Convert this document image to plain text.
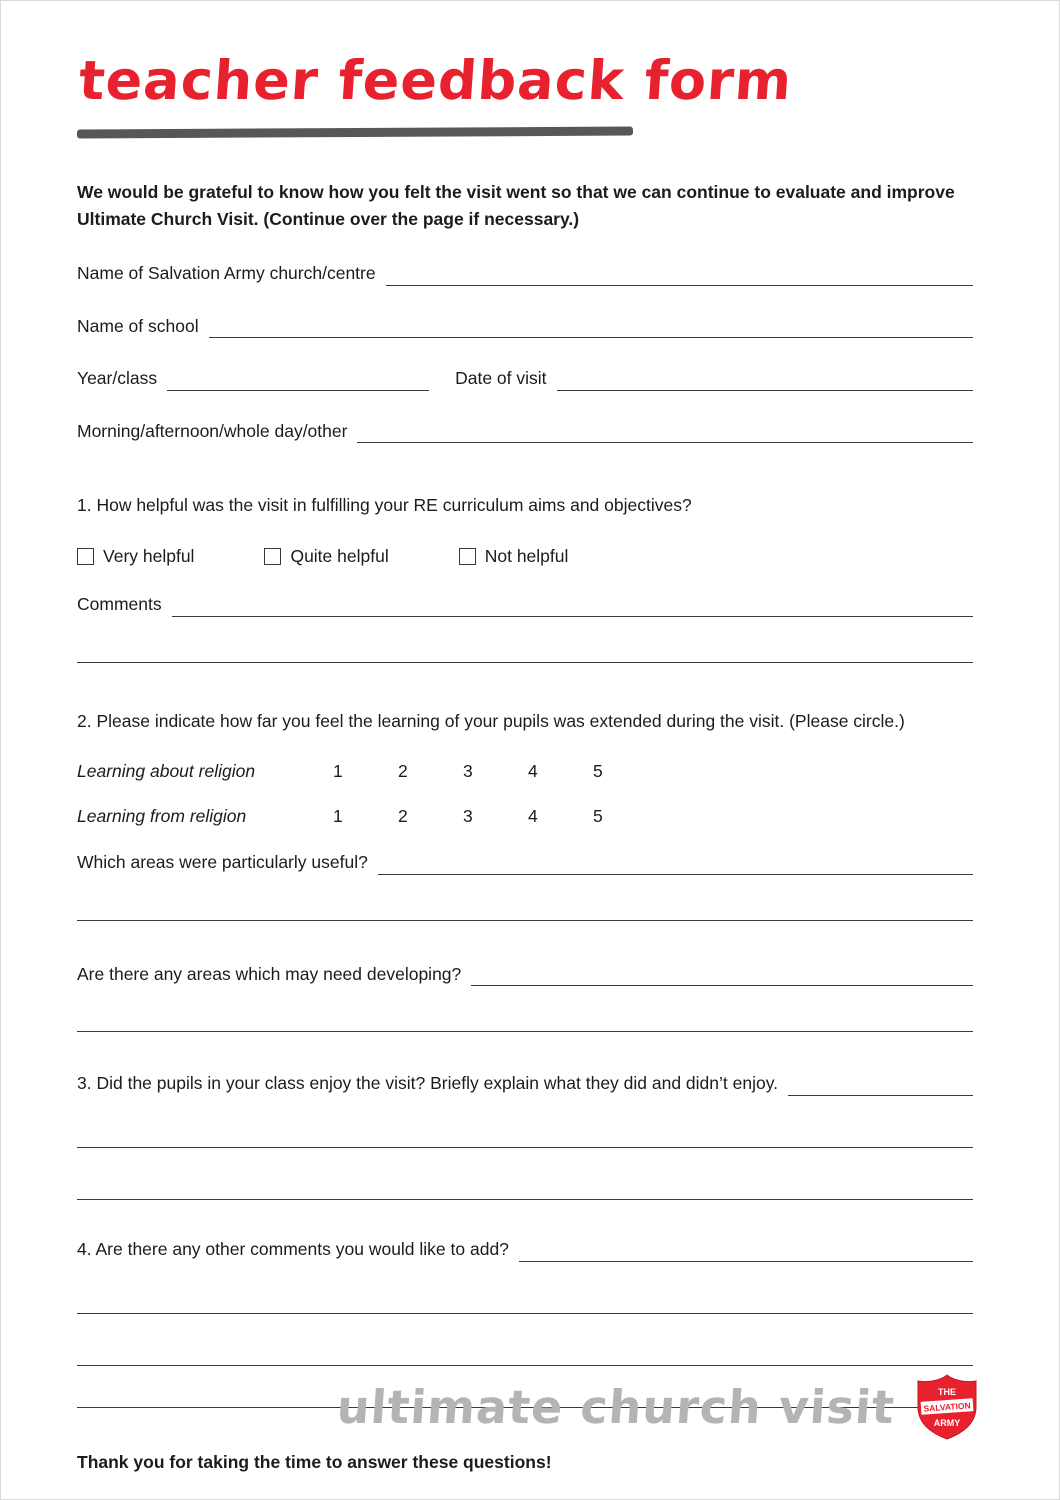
teacher feedback form

We would be grateful to know how you felt the visit went so that we can continue to evaluate and improve Ultimate Church Visit. (Continue over the page if necessary.)

Name of Salvation Army church/centre
Name of school
Year/class	Date of visit
Morning/afternoon/whole day/other

1. How helpful was the visit in fulfilling your RE curriculum aims and objectives?

Very helpful	Quite helpful	Not helpful
Comments

2. Please indicate how far you feel the learning of your pupils was extended during the visit. (Please circle.)

Learning about religion	1	2	3	4	5
Learning from religion	1	2	3	4	5
Which areas were particularly useful?
Are there any areas which may need developing?
3. Did the pupils in your class enjoy the visit? Briefly explain what they did and didn’t enjoy.
4. Are there any other comments you would like to add?

Thank you for taking the time to answer these questions!

ultimate church visit	THE
SALVATION
ARMY
